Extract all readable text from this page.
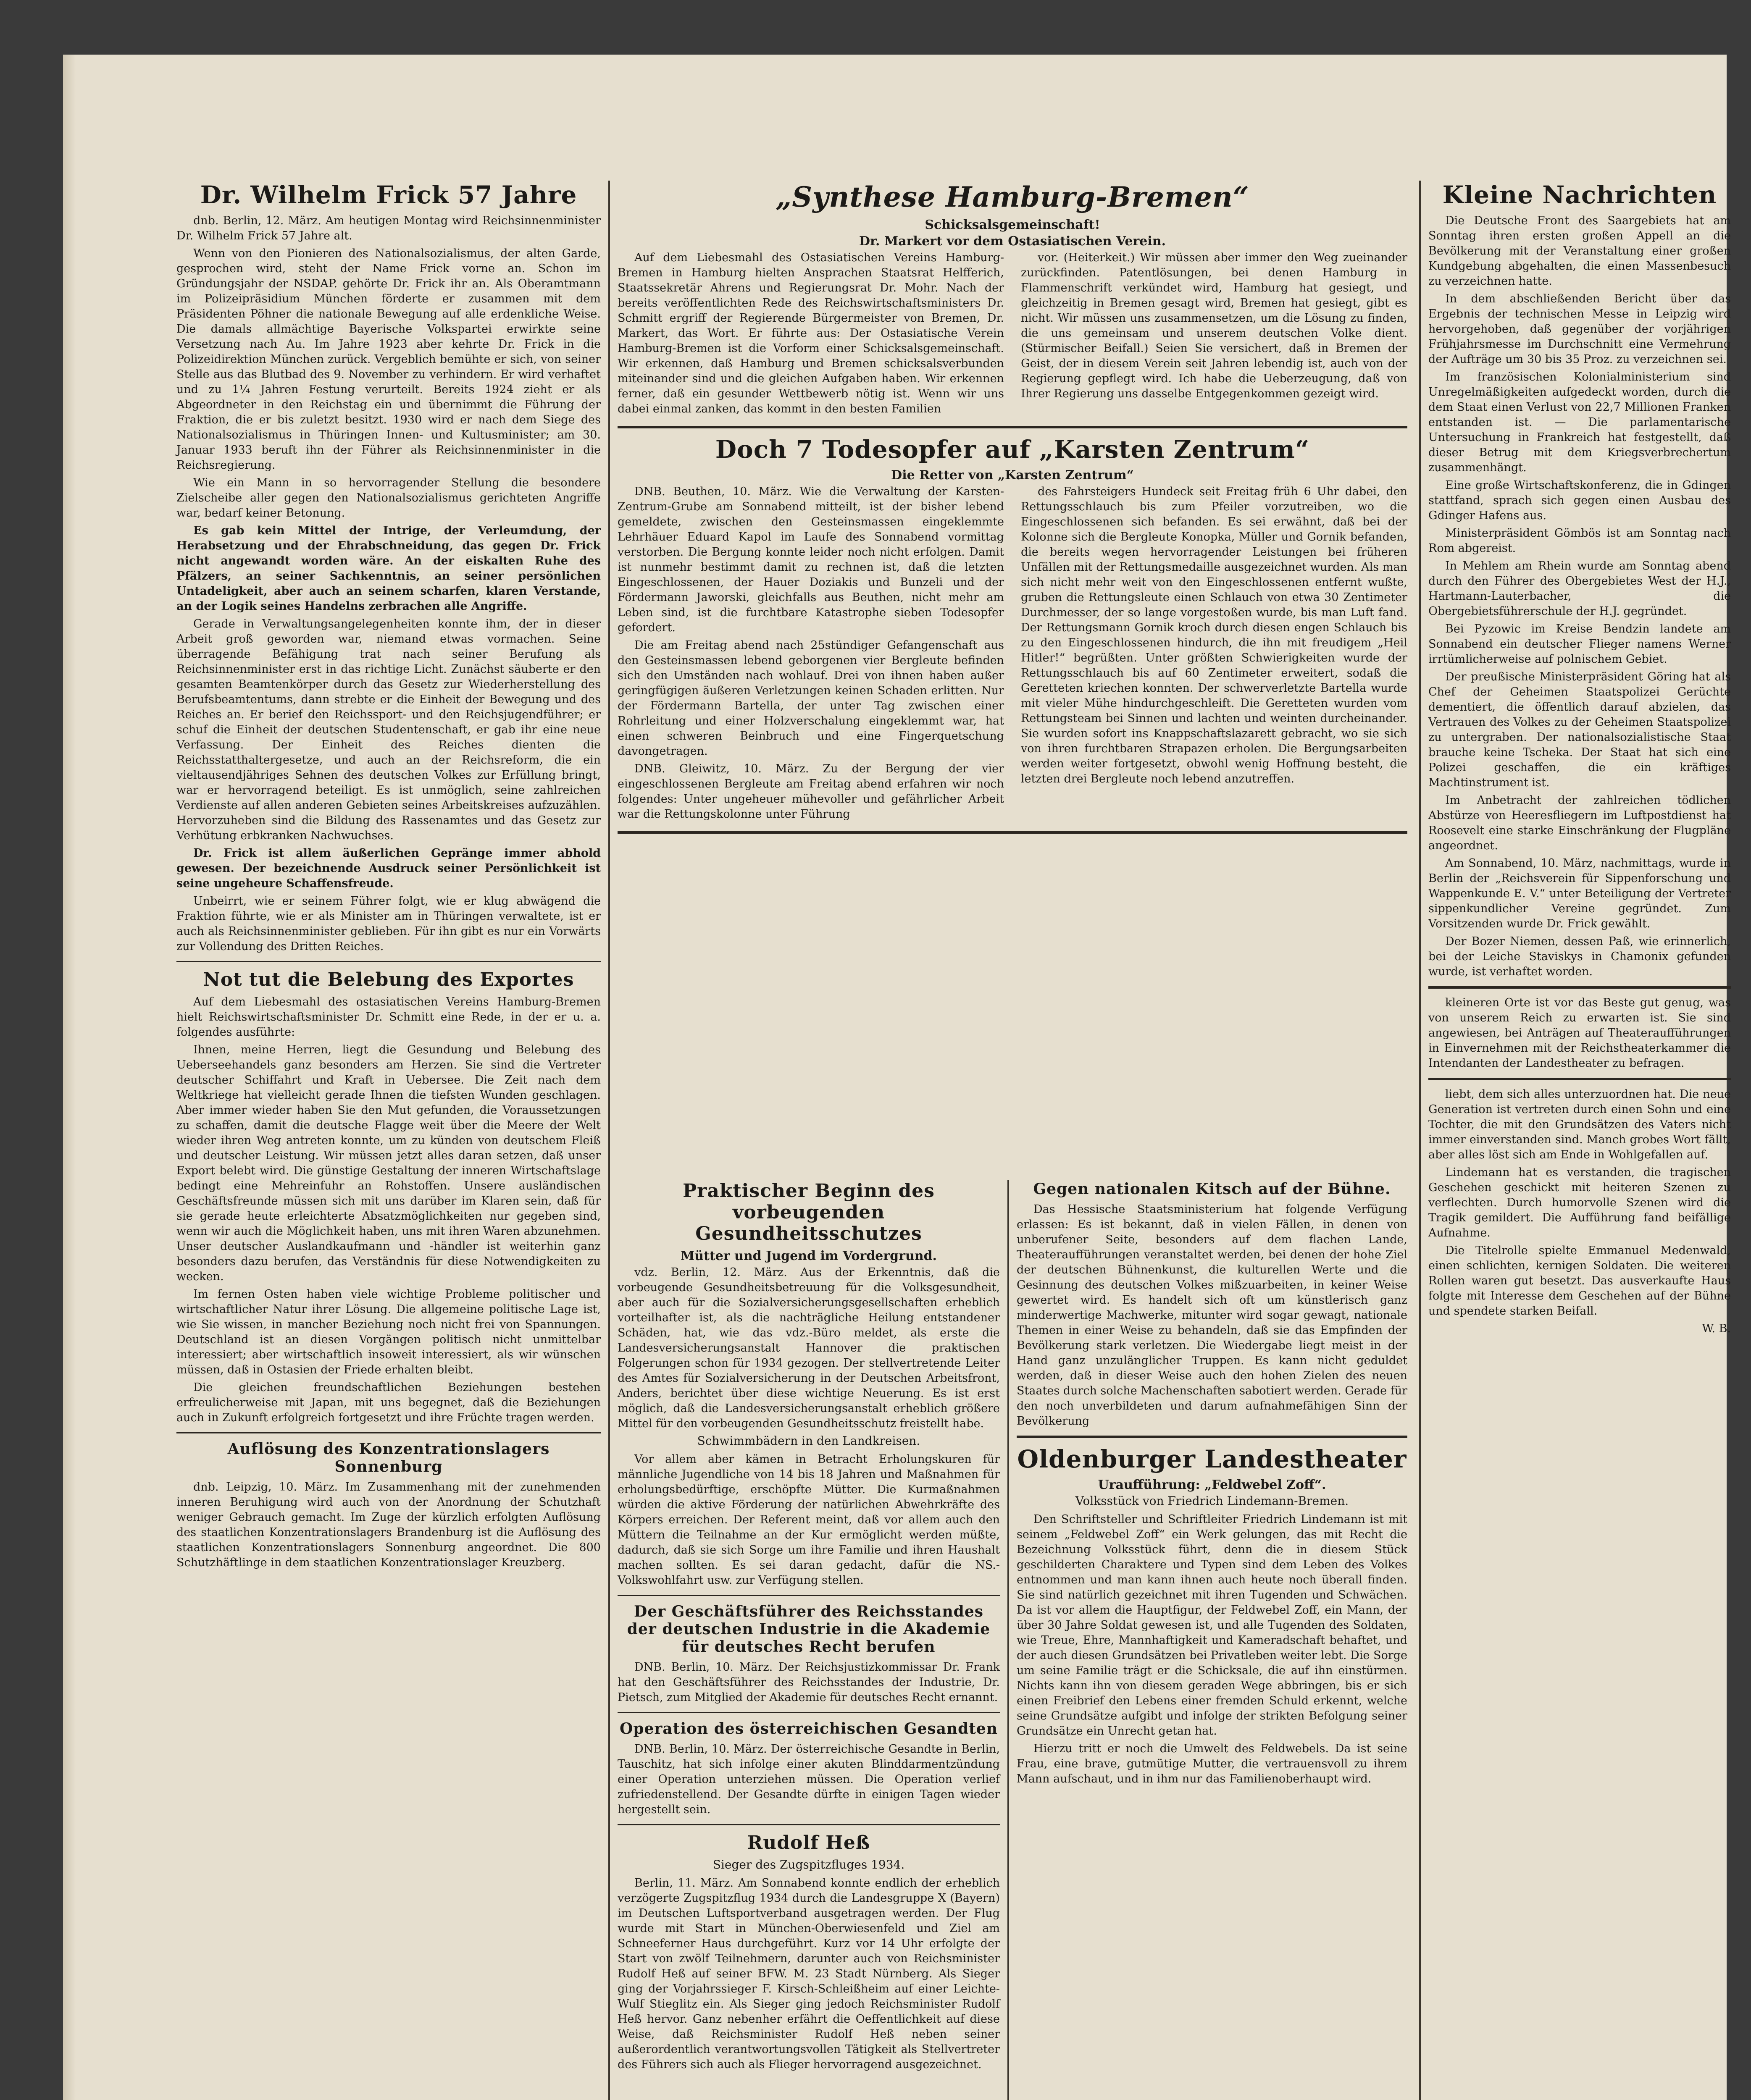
Dr. Wilhelm Frick 57 Jahre

dnb. Berlin, 12. März. Am heutigen Montag wird Reichsinnenminister Dr. Wilhelm Frick 57 Jahre alt.

Wenn von den Pionieren des Nationalsozialismus, der alten Garde, gesprochen wird, steht der Name Frick vorne an. Schon im Gründungsjahr der NSDAP. gehörte Dr. Frick ihr an. Als Oberamtmann im Polizeipräsidium München förderte er zusammen mit dem Präsidenten Pöhner die nationale Bewegung auf alle erdenkliche Weise. Die damals allmächtige Bayerische Volkspartei erwirkte seine Versetzung nach Au. Im Jahre 1923 aber kehrte Dr. Frick in die Polizeidirektion München zurück. Vergeblich bemühte er sich, von seiner Stelle aus das Blutbad des 9. November zu verhindern. Er wird verhaftet und zu 1¼ Jahren Festung verurteilt. Bereits 1924 zieht er als Abgeordneter in den Reichstag ein und übernimmt die Führung der Fraktion, die er bis zuletzt besitzt. 1930 wird er nach dem Siege des Nationalsozialismus in Thüringen Innen- und Kultusminister; am 30. Januar 1933 beruft ihn der Führer als Reichsinnenminister in die Reichsregierung.

Wie ein Mann in so hervorragender Stellung die besondere Zielscheibe aller gegen den Nationalsozialismus gerichteten Angriffe war, bedarf keiner Betonung.

Es gab kein Mittel der Intrige, der Verleumdung, der Herabsetzung und der Ehrabschneidung, das gegen Dr. Frick nicht angewandt worden wäre. An der eiskalten Ruhe des Pfälzers, an seiner Sachkenntnis, an seiner persönlichen Untadeligkeit, aber auch an seinem scharfen, klaren Verstande, an der Logik seines Handelns zerbrachen alle Angriffe.

Gerade in Verwaltungsangelegenheiten konnte ihm, der in dieser Arbeit groß geworden war, niemand etwas vormachen. Seine überragende Befähigung trat nach seiner Berufung als Reichsinnenminister erst in das richtige Licht. Zunächst säuberte er den gesamten Beamtenkörper durch das Gesetz zur Wiederherstellung des Berufsbeamtentums, dann strebte er die Einheit der Bewegung und des Reiches an. Er berief den Reichssport- und den Reichsjugendführer; er schuf die Einheit der deutschen Studentenschaft, er gab ihr eine neue Verfassung. Der Einheit des Reiches dienten die Reichsstatthaltergesetze, und auch an der Reichsreform, die ein vieltausendjähriges Sehnen des deutschen Volkes zur Erfüllung bringt, war er hervorragend beteiligt. Es ist unmöglich, seine zahlreichen Verdienste auf allen anderen Gebieten seines Arbeitskreises aufzuzählen. Hervorzuheben sind die Bildung des Rassenamtes und das Gesetz zur Verhütung erbkranken Nachwuchses.

Dr. Frick ist allem äußerlichen Gepränge immer abhold gewesen. Der bezeichnende Ausdruck seiner Persönlichkeit ist seine ungeheure Schaffensfreude.

Unbeirrt, wie er seinem Führer folgt, wie er klug abwägend die Fraktion führte, wie er als Minister am in Thüringen verwaltete, ist er auch als Reichsinnenminister geblieben. Für ihn gibt es nur ein Vorwärts zur Vollendung des Dritten Reiches.

Not tut die Belebung des Exportes

Auf dem Liebesmahl des ostasiatischen Vereins Hamburg-Bremen hielt Reichswirtschaftsminister Dr. Schmitt eine Rede, in der er u. a. folgendes ausführte:

Ihnen, meine Herren, liegt die Gesundung und Belebung des Ueberseehandels ganz besonders am Herzen. Sie sind die Vertreter deutscher Schiffahrt und Kraft in Uebersee. Die Zeit nach dem Weltkriege hat vielleicht gerade Ihnen die tiefsten Wunden geschlagen. Aber immer wieder haben Sie den Mut gefunden, die Voraussetzungen zu schaffen, damit die deutsche Flagge weit über die Meere der Welt wieder ihren Weg antreten konnte, um zu künden von deutschem Fleiß und deutscher Leistung. Wir müssen jetzt alles daran setzen, daß unser Export belebt wird. Die günstige Gestaltung der inneren Wirtschaftslage bedingt eine Mehreinfuhr an Rohstoffen. Unsere ausländischen Geschäftsfreunde müssen sich mit uns darüber im Klaren sein, daß für sie gerade heute erleichterte Absatzmöglichkeiten nur gegeben sind, wenn wir auch die Möglichkeit haben, uns mit ihren Waren abzunehmen. Unser deutscher Auslandkaufmann und -händler ist weiterhin ganz besonders dazu berufen, das Verständnis für diese Notwendigkeiten zu wecken.

Im fernen Osten haben viele wichtige Probleme politischer und wirtschaftlicher Natur ihrer Lösung. Die allgemeine politische Lage ist, wie Sie wissen, in mancher Beziehung noch nicht frei von Spannungen. Deutschland ist an diesen Vorgängen politisch nicht unmittelbar interessiert; aber wirtschaftlich insoweit interessiert, als wir wünschen müssen, daß in Ostasien der Friede erhalten bleibt.

Die gleichen freundschaftlichen Beziehungen bestehen erfreulicherweise mit Japan, mit uns begegnet, daß die Beziehungen auch in Zukunft erfolgreich fortgesetzt und ihre Früchte tragen werden.

Auflösung des Konzentrationslagers Sonnenburg

dnb. Leipzig, 10. März. Im Zusammenhang mit der zunehmenden inneren Beruhigung wird auch von der Anordnung der Schutzhaft weniger Gebrauch gemacht. Im Zuge der kürzlich erfolgten Auflösung des staatlichen Konzentrationslagers Brandenburg ist die Auflösung des staatlichen Konzentrationslagers Sonnenburg angeordnet. Die 800 Schutzhäftlinge in dem staatlichen Konzentrationslager Kreuzberg.

„Synthese Hamburg-Bremen“
Schicksalsgemeinschaft!
Dr. Markert vor dem Ostasiatischen Verein.

Auf dem Liebesmahl des Ostasiatischen Vereins Hamburg-Bremen in Hamburg hielten Ansprachen Staatsrat Helfferich, Staatssekretär Ahrens und Regierungsrat Dr. Mohr. Nach der bereits veröffentlichten Rede des Reichswirtschaftsministers Dr. Schmitt ergriff der Regierende Bürgermeister von Bremen, Dr. Markert, das Wort. Er führte aus: Der Ostasiatische Verein Hamburg-Bremen ist die Vorform einer Schicksalsgemeinschaft. Wir erkennen, daß Hamburg und Bremen schicksalsverbunden miteinander sind und die gleichen Aufgaben haben. Wir erkennen ferner, daß ein gesunder Wettbewerb nötig ist. Wenn wir uns dabei einmal zanken, das kommt in den besten Familien

vor. (Heiterkeit.) Wir müssen aber immer den Weg zueinander zurückfinden. Patentlösungen, bei denen Hamburg in Flammenschrift verkündet wird, Hamburg hat gesiegt, und gleichzeitig in Bremen gesagt wird, Bremen hat gesiegt, gibt es nicht. Wir müssen uns zusammensetzen, um die Lösung zu finden, die uns gemeinsam und unserem deutschen Volke dient. (Stürmischer Beifall.) Seien Sie versichert, daß in Bremen der Geist, der in diesem Verein seit Jahren lebendig ist, auch von der Regierung gepflegt wird. Ich habe die Ueberzeugung, daß von Ihrer Regierung uns dasselbe Entgegenkommen gezeigt wird.

Doch 7 Todesopfer auf „Karsten Zentrum“
Die Retter von „Karsten Zentrum“

DNB. Beuthen, 10. März. Wie die Verwaltung der Karsten-Zentrum-Grube am Sonnabend mitteilt, ist der bisher lebend gemeldete, zwischen den Gesteinsmassen eingeklemmte Lehrhäuer Eduard Kapol im Laufe des Sonnabend vormittag verstorben. Die Bergung konnte leider noch nicht erfolgen. Damit ist nunmehr bestimmt damit zu rechnen ist, daß die letzten Eingeschlossenen, der Hauer Doziakis und Bunzeli und der Fördermann Jaworski, gleichfalls aus Beuthen, nicht mehr am Leben sind, ist die furchtbare Katastrophe sieben Todesopfer gefordert.

Die am Freitag abend nach 25stündiger Gefangenschaft aus den Gesteinsmassen lebend geborgenen vier Bergleute befinden sich den Umständen nach wohlauf. Drei von ihnen haben außer geringfügigen äußeren Verletzungen keinen Schaden erlitten. Nur der Fördermann Bartella, der unter Tag zwischen einer Rohrleitung und einer Holzverschalung eingeklemmt war, hat einen schweren Beinbruch und eine Fingerquetschung davongetragen.

DNB. Gleiwitz, 10. März. Zu der Bergung der vier eingeschlossenen Bergleute am Freitag abend erfahren wir noch folgendes: Unter ungeheuer mühevoller und gefährlicher Arbeit war die Rettungskolonne unter Führung

des Fahrsteigers Hundeck seit Freitag früh 6 Uhr dabei, den Rettungsschlauch bis zum Pfeiler vorzutreiben, wo die Eingeschlossenen sich befanden. Es sei erwähnt, daß bei der Kolonne sich die Bergleute Konopka, Müller und Gornik befanden, die bereits wegen hervorragender Leistungen bei früheren Unfällen mit der Rettungsmedaille ausgezeichnet wurden. Als man sich nicht mehr weit von den Eingeschlossenen entfernt wußte, gruben die Rettungsleute einen Schlauch von etwa 30 Zentimeter Durchmesser, der so lange vorgestoßen wurde, bis man Luft fand. Der Rettungsmann Gornik kroch durch diesen engen Schlauch bis zu den Eingeschlossenen hindurch, die ihn mit freudigem „Heil Hitler!“ begrüßten. Unter größten Schwierigkeiten wurde der Rettungsschlauch bis auf 60 Zentimeter erweitert, sodaß die Geretteten kriechen konnten. Der schwerverletzte Bartella wurde mit vieler Mühe hindurchgeschleift. Die Geretteten wurden vom Rettungsteam bei Sinnen und lachten und weinten durcheinander. Sie wurden sofort ins Knappschaftslazarett gebracht, wo sie sich von ihren furchtbaren Strapazen erholen. Die Bergungsarbeiten werden weiter fortgesetzt, obwohl wenig Hoffnung besteht, die letzten drei Bergleute noch lebend anzutreffen.

Praktischer Beginn des vorbeugenden Gesundheitsschutzes
Mütter und Jugend im Vordergrund.

vdz. Berlin, 12. März. Aus der Erkenntnis, daß die vorbeugende Gesundheitsbetreuung für die Volksgesundheit, aber auch für die Sozialversicherungsgesellschaften erheblich vorteilhafter ist, als die nachträgliche Heilung entstandener Schäden, hat, wie das vdz.-Büro meldet, als erste die Landesversicherungsanstalt Hannover die praktischen Folgerungen schon für 1934 gezogen. Der stellvertretende Leiter des Amtes für Sozialversicherung in der Deutschen Arbeitsfront, Anders, berichtet über diese wichtige Neuerung. Es ist erst möglich, daß die Landesversicherungsanstalt erheblich größere Mittel für den vorbeugenden Gesundheitsschutz freistellt habe.

Schwimmbädern in den Landkreisen.

Vor allem aber kämen in Betracht Erholungskuren für männliche Jugendliche von 14 bis 18 Jahren und Maßnahmen für erholungsbedürftige, erschöpfte Mütter. Die Kurmaßnahmen würden die aktive Förderung der natürlichen Abwehrkräfte des Körpers erreichen. Der Referent meint, daß vor allem auch den Müttern die Teilnahme an der Kur ermöglicht werden müßte, dadurch, daß sie sich Sorge um ihre Familie und ihren Haushalt machen sollten. Es sei daran gedacht, dafür die NS.-Volkswohlfahrt usw. zur Verfügung stellen.

Der Geschäftsführer des Reichsstandes der deutschen Industrie in die Akademie für deutsches Recht berufen

DNB. Berlin, 10. März. Der Reichsjustizkommissar Dr. Frank hat den Geschäftsführer des Reichsstandes der Industrie, Dr. Pietsch, zum Mitglied der Akademie für deutsches Recht ernannt.

Operation des österreichischen Gesandten

DNB. Berlin, 10. März. Der österreichische Gesandte in Berlin, Tauschitz, hat sich infolge einer akuten Blinddarmentzündung einer Operation unterziehen müssen. Die Operation verlief zufriedenstellend. Der Gesandte dürfte in einigen Tagen wieder hergestellt sein.

Rudolf Heß
Sieger des Zugspitzfluges 1934.

Berlin, 11. März. Am Sonnabend konnte endlich der erheblich verzögerte Zugspitzflug 1934 durch die Landesgruppe X (Bayern) im Deutschen Luftsportverband ausgetragen werden. Der Flug wurde mit Start in München-Oberwiesenfeld und Ziel am Schneeferner Haus durchgeführt. Kurz vor 14 Uhr erfolgte der Start von zwölf Teilnehmern, darunter auch von Reichsminister Rudolf Heß auf seiner BFW. M. 23 Stadt Nürnberg. Als Sieger ging der Vorjahrssieger F. Kirsch-Schleißheim auf einer Leichte-Wulf Stieglitz ein. Als Sieger ging jedoch Reichsminister Rudolf Heß hervor. Ganz nebenher erfährt die Oeffentlichkeit auf diese Weise, daß Reichsminister Rudolf Heß neben seiner außerordentlich verantwortungsvollen Tätigkeit als Stellvertreter des Führers sich auch als Flieger hervorragend ausgezeichnet.

Gegen nationalen Kitsch auf der Bühne.

Das Hessische Staatsministerium hat folgende Verfügung erlassen: Es ist bekannt, daß in vielen Fällen, in denen von unberufener Seite, besonders auf dem flachen Lande, Theateraufführungen veranstaltet werden, bei denen der hohe Ziel der deutschen Bühnenkunst, die kulturellen Werte und die Gesinnung des deutschen Volkes mißzuarbeiten, in keiner Weise gewertet wird. Es handelt sich oft um künstlerisch ganz minderwertige Machwerke, mitunter wird sogar gewagt, nationale Themen in einer Weise zu behandeln, daß sie das Empfinden der Bevölkerung stark verletzen. Die Wiedergabe liegt meist in der Hand ganz unzulänglicher Truppen. Es kann nicht geduldet werden, daß in dieser Weise auch den hohen Zielen des neuen Staates durch solche Machenschaften sabotiert werden. Gerade für den noch unverbildeten und darum aufnahmefähigen Sinn der Bevölkerung

Oldenburger Landestheater
Uraufführung: „Feldwebel Zoff“.
Volksstück von Friedrich Lindemann-Bremen.

Den Schriftsteller und Schriftleiter Friedrich Lindemann ist mit seinem „Feldwebel Zoff“ ein Werk gelungen, das mit Recht die Bezeichnung Volksstück führt, denn die in diesem Stück geschilderten Charaktere und Typen sind dem Leben des Volkes entnommen und man kann ihnen auch heute noch überall finden. Sie sind natürlich gezeichnet mit ihren Tugenden und Schwächen. Da ist vor allem die Hauptfigur, der Feldwebel Zoff, ein Mann, der über 30 Jahre Soldat gewesen ist, und alle Tugenden des Soldaten, wie Treue, Ehre, Mannhaftigkeit und Kameradschaft behaftet, und der auch diesen Grundsätzen bei Privatleben weiter lebt. Die Sorge um seine Familie trägt er die Schicksale, die auf ihn einstürmen. Nichts kann ihn von diesem geraden Wege abbringen, bis er sich einen Freibrief den Lebens einer fremden Schuld erkennt, welche seine Grundsätze aufgibt und infolge der strikten Befolgung seiner Grundsätze ein Unrecht getan hat.

Hierzu tritt er noch die Umwelt des Feldwebels. Da ist seine Frau, eine brave, gutmütige Mutter, die vertrauensvoll zu ihrem Mann aufschaut, und in ihm nur das Familienoberhaupt wird.

Kleine Nachrichten

Die Deutsche Front des Saargebiets hat am Sonntag ihren ersten großen Appell an die Bevölkerung mit der Veranstaltung einer großen Kundgebung abgehalten, die einen Massenbesuch zu verzeichnen hatte.

In dem abschließenden Bericht über das Ergebnis der technischen Messe in Leipzig wird hervorgehoben, daß gegenüber der vorjährigen Frühjahrsmesse im Durchschnitt eine Vermehrung der Aufträge um 30 bis 35 Proz. zu verzeichnen sei.

Im französischen Kolonialministerium sind Unregelmäßigkeiten aufgedeckt worden, durch die dem Staat einen Verlust von 22,7 Millionen Franken entstanden ist. — Die parlamentarische Untersuchung in Frankreich hat festgestellt, daß dieser Betrug mit dem Kriegsverbrechertum zusammenhängt.

Eine große Wirtschaftskonferenz, die in Gdingen stattfand, sprach sich gegen einen Ausbau des Gdinger Hafens aus.

Ministerpräsident Gömbös ist am Sonntag nach Rom abgereist.

In Mehlem am Rhein wurde am Sonntag abend durch den Führer des Obergebietes West der H.J., Hartmann-Lauterbacher, die Obergebietsführerschule der H.J. gegründet.

Bei Pyzowic im Kreise Bendzin landete am Sonnabend ein deutscher Flieger namens Werner irrtümlicherweise auf polnischem Gebiet.

Der preußische Ministerpräsident Göring hat als Chef der Geheimen Staatspolizei Gerüchte dementiert, die öffentlich darauf abzielen, das Vertrauen des Volkes zu der Geheimen Staatspolizei zu untergraben. Der nationalsozialistische Staat brauche keine Tscheka. Der Staat hat sich eine Polizei geschaffen, die ein kräftiges Machtinstrument ist.

Im Anbetracht der zahlreichen tödlichen Abstürze von Heeresfliegern im Luftpostdienst hat Roosevelt eine starke Einschränkung der Flugpläne angeordnet.

Am Sonnabend, 10. März, nachmittags, wurde in Berlin der „Reichsverein für Sippenforschung und Wappenkunde E. V.“ unter Beteiligung der Vertreter sippenkundlicher Vereine gegründet. Zum Vorsitzenden wurde Dr. Frick gewählt.

Der Bozer Niemen, dessen Paß, wie erinnerlich, bei der Leiche Staviskys in Chamonix gefunden wurde, ist verhaftet worden.

kleineren Orte ist vor das Beste gut genug, was von unserem Reich zu erwarten ist. Sie sind angewiesen, bei Anträgen auf Theateraufführungen in Einvernehmen mit der Reichstheaterkammer die Intendanten der Landestheater zu befragen.

liebt, dem sich alles unterzuordnen hat. Die neue Generation ist vertreten durch einen Sohn und eine Tochter, die mit den Grundsätzen des Vaters nicht immer einverstanden sind. Manch grobes Wort fällt, aber alles löst sich am Ende in Wohlgefallen auf.

Lindemann hat es verstanden, die tragischen Geschehen geschickt mit heiteren Szenen zu verflechten. Durch humorvolle Szenen wird die Tragik gemildert. Die Aufführung fand beifällige Aufnahme.

Die Titelrolle spielte Emmanuel Medenwald, einen schlichten, kernigen Soldaten. Die weiteren Rollen waren gut besetzt. Das ausverkaufte Haus folgte mit Interesse dem Geschehen auf der Bühne und spendete starken Beifall.

W. B.
